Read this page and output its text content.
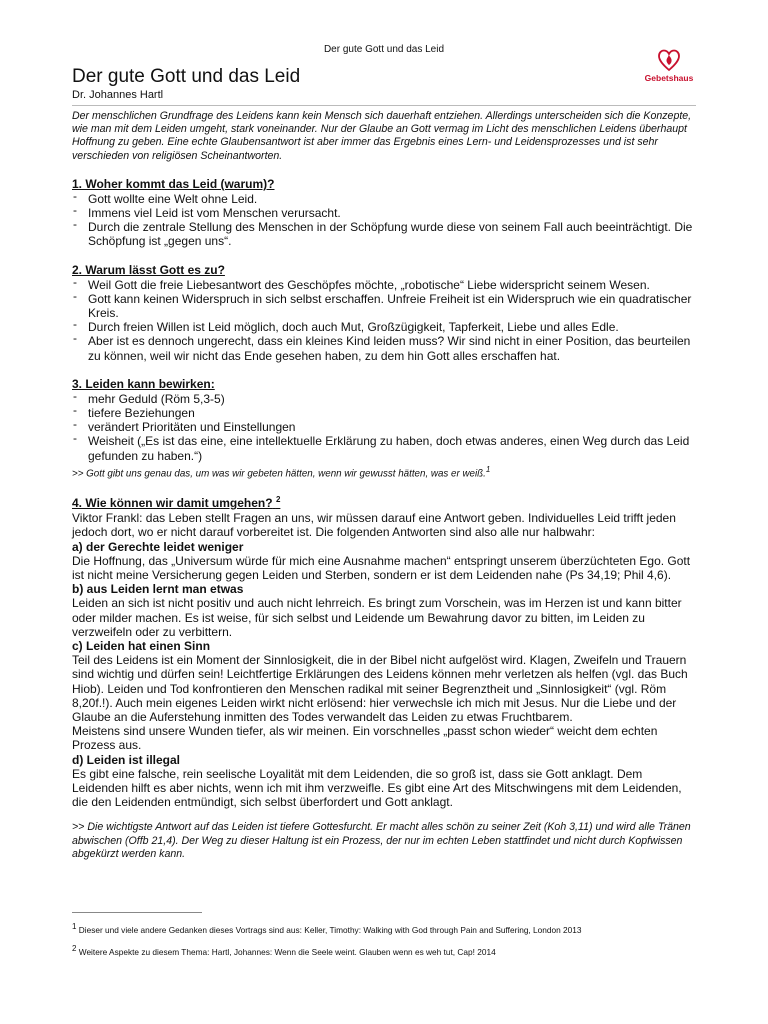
Der gute Gott und das Leid
Gebetshaus
Der gute Gott und das Leid
Dr. Johannes Hartl

Der menschlichen Grundfrage des Leidens kann kein Mensch sich dauerhaft entziehen. Allerdings unterscheiden sich die Konzepte, wie man mit dem Leiden umgeht, stark voneinander. Nur der Glaube an Gott vermag im Licht des menschlichen Leidens überhaupt Hoffnung zu geben. Eine echte Glaubensantwort ist aber immer das Ergebnis eines Lern- und Leidensprozesses und ist sehr verschieden von religiösen Scheinantworten.

1. Woher kommt das Leid (warum)?
- Gott wollte eine Welt ohne Leid.
- Immens viel Leid ist vom Menschen verursacht.
- Durch die zentrale Stellung des Menschen in der Schöpfung wurde diese von seinem Fall auch beeinträchtigt. Die Schöpfung ist „gegen uns“.
2. Warum lässt Gott es zu?
- Weil Gott die freie Liebesantwort des Geschöpfes möchte, „robotische“ Liebe widerspricht seinem Wesen.
- Gott kann keinen Widerspruch in sich selbst erschaffen. Unfreie Freiheit ist ein Widerspruch wie ein quadratischer Kreis.
- Durch freien Willen ist Leid möglich, doch auch Mut, Großzügigkeit, Tapferkeit, Liebe und alles Edle.
- Aber ist es dennoch ungerecht, dass ein kleines Kind leiden muss? Wir sind nicht in einer Position, das beurteilen zu können, weil wir nicht das Ende gesehen haben, zu dem hin Gott alles erschaffen hat.
3. Leiden kann bewirken:
- mehr Geduld (Röm 5,3-5)
- tiefere Beziehungen
- verändert Prioritäten und Einstellungen
- Weisheit („Es ist das eine, eine intellektuelle Erklärung zu haben, doch etwas anderes, einen Weg durch das Leid gefunden zu haben.“)

>> Gott gibt uns genau das, um was wir gebeten hätten, wenn wir gewusst hätten, was er weiß.$^1$

4. Wie können wir damit umgehen? $^2$

Viktor Frankl: das Leben stellt Fragen an uns, wir müssen darauf eine Antwort geben. Individuelles Leid trifft jeden jedoch dort, wo er nicht darauf vorbereitet ist. Die folgenden Antworten sind also alle nur halbwahr:

a) der Gerechte leidet weniger

Die Hoffnung, das „Universum würde für mich eine Ausnahme machen“ entspringt unserem überzüchteten Ego. Gott ist nicht meine Versicherung gegen Leiden und Sterben, sondern er ist dem Leidenden nahe (Ps 34,19; Phil 4,6).

b) aus Leiden lernt man etwas

Leiden an sich ist nicht positiv und auch nicht lehrreich. Es bringt zum Vorschein, was im Herzen ist und kann bitter oder milder machen. Es ist weise, für sich selbst und Leidende um Bewahrung davor zu bitten, im Leiden zu verzweifeln oder zu verbittern.

c) Leiden hat einen Sinn

Teil des Leidens ist ein Moment der Sinnlosigkeit, die in der Bibel nicht aufgelöst wird. Klagen, Zweifeln und Trauern sind wichtig und dürfen sein! Leichtfertige Erklärungen des Leidens können mehr verletzen als helfen (vgl. das Buch Hiob). Leiden und Tod konfrontieren den Menschen radikal mit seiner Begrenztheit und „Sinnlosigkeit“ (vgl. Röm 8,20f.!). Auch mein eigenes Leiden wirkt nicht erlösend: hier verwechsle ich mich mit Jesus. Nur die Liebe und der Glaube an die Auferstehung inmitten des Todes verwandelt das Leiden zu etwas Fruchtbarem.

Meistens sind unsere Wunden tiefer, als wir meinen. Ein vorschnelles „passt schon wieder“ weicht dem echten Prozess aus.

d) Leiden ist illegal

Es gibt eine falsche, rein seelische Loyalität mit dem Leidenden, die so groß ist, dass sie Gott anklagt. Dem Leidenden hilft es aber nichts, wenn ich mit ihm verzweifle. Es gibt eine Art des Mitschwingens mit dem Leidenden, die den Leidenden entmündigt, sich selbst überfordert und Gott anklagt.

>> Die wichtigste Antwort auf das Leiden ist tiefere Gottesfurcht. Er macht alles schön zu seiner Zeit (Koh 3,11) und wird alle Tränen abwischen (Offb 21,4). Der Weg zu dieser Haltung ist ein Prozess, der nur im echten Leben stattfindet und nicht durch Kopfwissen abgekürzt werden kann.

$^1$ Dieser und viele andere Gedanken dieses Vortrags sind aus: Keller, Timothy: Walking with God through Pain and Suffering, London 2013
$^2$ Weitere Aspekte zu diesem Thema: Hartl, Johannes: Wenn die Seele weint. Glauben wenn es weh tut, Cap! 2014
